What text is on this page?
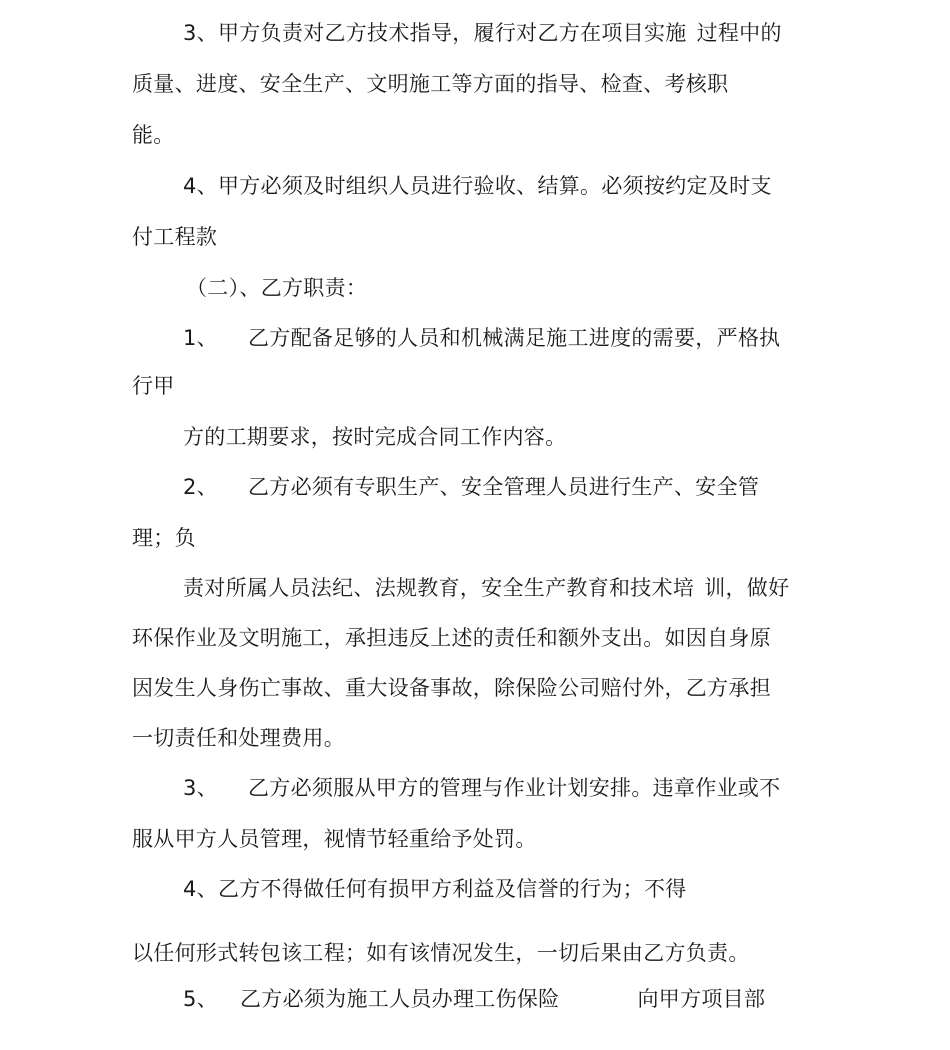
3、甲方负责对乙方技术指导，履行对乙方在项目实施 过程中的
质量、进度、安全生产、文明施工等方面的指导、检查、考核职
能。
4、甲方必须及时组织人员进行验收、结算。必须按约定及时支
付工程款
（二）、乙方职责：
1、 乙方配备足够的人员和机械满足施工进度的需要，严格执
行甲
方的工期要求，按时完成合同工作内容。
2、 乙方必须有专职生产、安全管理人员进行生产、安全管
理；负
责对所属人员法纪、法规教育，安全生产教育和技术培 训，做好
环保作业及文明施工，承担违反上述的责任和额外支出。如因自身原
因发生人身伤亡事故、重大设备事故，除保险公司赔付外，乙方承担
一切责任和处理费用。
3、 乙方必须服从甲方的管理与作业计划安排。违章作业或不
服从甲方人员管理，视情节轻重给予处罚。
4、乙方不得做任何有损甲方利益及信誉的行为；不得
以任何形式转包该工程；如有该情况发生，一切后果由乙方负责。
5、 乙方必须为施工人员办理工伤保险	向甲方项目部
